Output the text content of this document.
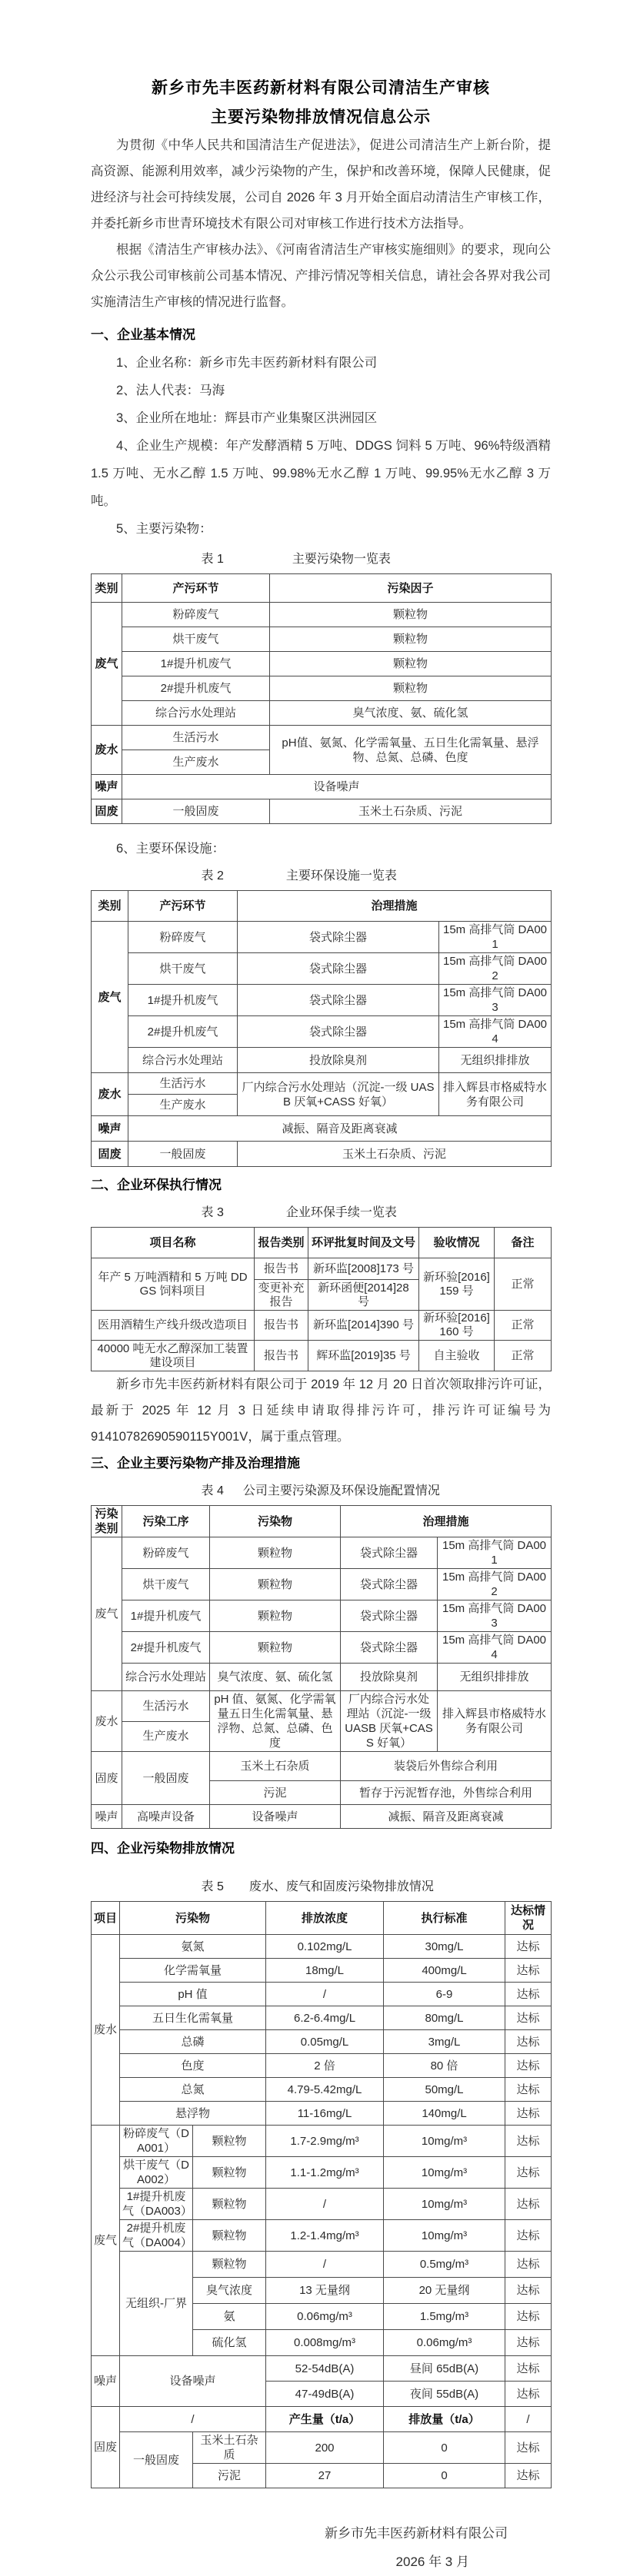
新乡市先丰医药新材料有限公司清洁生产审核
主要污染物排放情况信息公示

为贯彻《中华人民共和国清洁生产促进法》，促进公司清洁生产上新台阶，提高资源、能源利用效率，减少污染物的产生，保护和改善环境，保障人民健康，促进经济与社会可持续发展，公司自 2026 年 3 月开始全面启动清洁生产审核工作，并委托新乡市世青环境技术有限公司对审核工作进行技术方法指导。

根据《清洁生产审核办法》、《河南省清洁生产审核实施细则》的要求，现向公众公示我公司审核前公司基本情况、产排污情况等相关信息，请社会各界对我公司实施清洁生产审核的情况进行监督。

一、企业基本情况
1、企业名称：新乡市先丰医药新材料有限公司
2、法人代表：马海
3、企业所在地址：辉县市产业集聚区洪洲园区
4、企业生产规模：年产发酵酒精 5 万吨、DDGS 饲料 5 万吨、96%特级酒精1.5 万吨、无水乙醇 1.5 万吨、99.98%无水乙醇 1 万吨、99.95%无水乙醇 3 万吨。
5、主要污染物：
表 1	主要污染物一览表
类别	产污环节	污染因子
废气	粉碎废气	颗粒物
	烘干废气	颗粒物
	1#提升机废气	颗粒物
	2#提升机废气	颗粒物
	综合污水处理站	臭气浓度、氨、硫化氢
废水	生活污水	pH值、氨氮、化学需氧量、五日生化需氧量、悬浮物、总氮、总磷、色度
	生产废水	
噪声	设备噪声	
固废	一般固废	玉米土石杂质、污泥
6、主要环保设施：
表 2	主要环保设施一览表
类别	产污环节	治理措施	
废气	粉碎废气	袋式除尘器	15m 高排气筒 DA001
	烘干废气	袋式除尘器	15m 高排气筒 DA002
	1#提升机废气	袋式除尘器	15m 高排气筒 DA003
	2#提升机废气	袋式除尘器	15m 高排气筒 DA004
	综合污水处理站	投放除臭剂	无组织排排放
废水	生活污水	厂内综合污水处理站（沉淀-一级 UASB 厌氧+CASS 好氧）	排入辉县市格威特水务有限公司
	生产废水		
噪声	减振、隔音及距离衰减		
固废	一般固废	玉米土石杂质、污泥	
二、企业环保执行情况
表 3	企业环保手续一览表
项目名称	报告类别	环评批复时间及文号	验收情况	备注
年产 5 万吨酒精和 5 万吨 DDGS 饲料项目	报告书	新环监[2008]173 号	新环验[2016]159 号	正常
	变更补充报告	新环函便[2014]28 号		
医用酒精生产线升级改造项目	报告书	新环监[2014]390 号	新环验[2016]160 号	正常
40000 吨无水乙醇深加工装置建设项目	报告书	辉环监[2019]35 号	自主验收	正常

新乡市先丰医药新材料有限公司于 2019 年 12 月 20 日首次领取排污许可证，最新于 2025 年 12 月 3 日延续申请取得排污许可，排污许可证编号为 91410782690590115Y001V，属于重点管理。

三、企业主要污染物产排及治理措施
表 4	公司主要污染源及环保设施配置情况
污染类别	污染工序	污染物	治理措施	
废气	粉碎废气	颗粒物	袋式除尘器	15m 高排气筒 DA001
	烘干废气	颗粒物	袋式除尘器	15m 高排气筒 DA002
	1#提升机废气	颗粒物	袋式除尘器	15m 高排气筒 DA003
	2#提升机废气	颗粒物	袋式除尘器	15m 高排气筒 DA004
	综合污水处理站	臭气浓度、氨、硫化氢	投放除臭剂	无组织排排放
废水	生活污水	pH 值、氨氮、化学需氧量五日生化需氧量、悬浮物、总氮、总磷、色度	厂内综合污水处理站（沉淀-一级 UASB 厌氧+CASS 好氧）	排入辉县市格威特水务有限公司
	生产废水			
固废	一般固废	玉米土石杂质	装袋后外售综合利用	
		污泥	暂存于污泥暂存池，外售综合利用	
噪声	高噪声设备	设备噪声	减振、隔音及距离衰减	
四、企业污染物排放情况
表 5	废水、废气和固废污染物排放情况
项目	污染物		排放浓度	执行标准	达标情况
废水	氨氮		0.102mg/L	30mg/L	达标
	化学需氧量		18mg/L	400mg/L	达标
	pH 值		/	6-9	达标
	五日生化需氧量		6.2-6.4mg/L	80mg/L	达标
	总磷		0.05mg/L	3mg/L	达标
	色度		2 倍	80 倍	达标
	总氮		4.79-5.42mg/L	50mg/L	达标
	悬浮物		11-16mg/L	140mg/L	达标
废气	粉碎废气（DA001）	颗粒物	1.7-2.9mg/m³	10mg/m³	达标
	烘干废气（DA002）	颗粒物	1.1-1.2mg/m³	10mg/m³	达标
	1#提升机废气（DA003）	颗粒物	/	10mg/m³	达标
	2#提升机废气（DA004）	颗粒物	1.2-1.4mg/m³	10mg/m³	达标
	无组织-厂界	颗粒物	/	0.5mg/m³	达标
		臭气浓度	13 无量纲	20 无量纲	达标
		氨	0.06mg/m³	1.5mg/m³	达标
		硫化氢	0.008mg/m³	0.06mg/m³	达标
噪声	设备噪声		52-54dB(A)	昼间 65dB(A)	达标
			47-49dB(A)	夜间 55dB(A)	达标
固废	/		产生量（t/a）	排放量（t/a）	/
	一般固废	玉米土石杂质	200	0	达标
		污泥	27	0	达标
新乡市先丰医药新材料有限公司
2026 年 3 月
